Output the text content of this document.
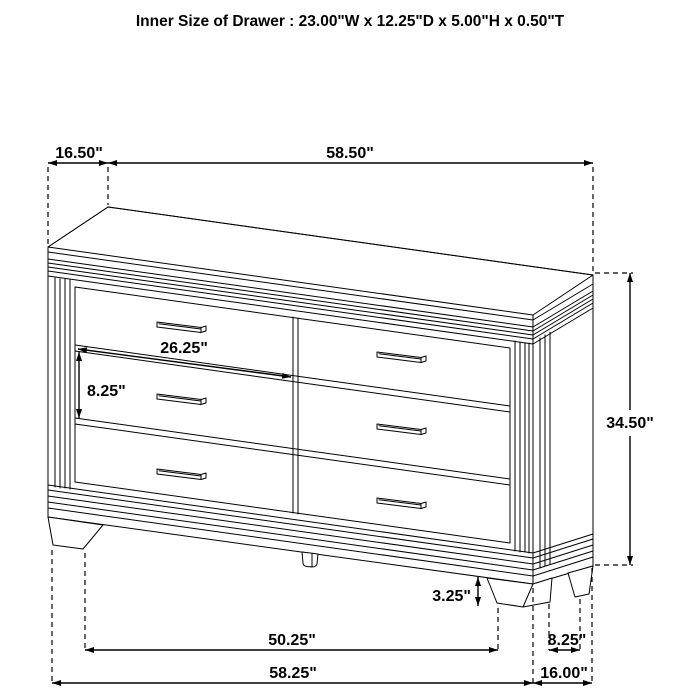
Inner Size of Drawer : 23.00"W x 12.25"D x 5.00"H x 0.50"T
16.50"	58.50"
34.50"
26.25"
8.25"
3.25"
50.25"	8.25"
58.25"	16.00"
